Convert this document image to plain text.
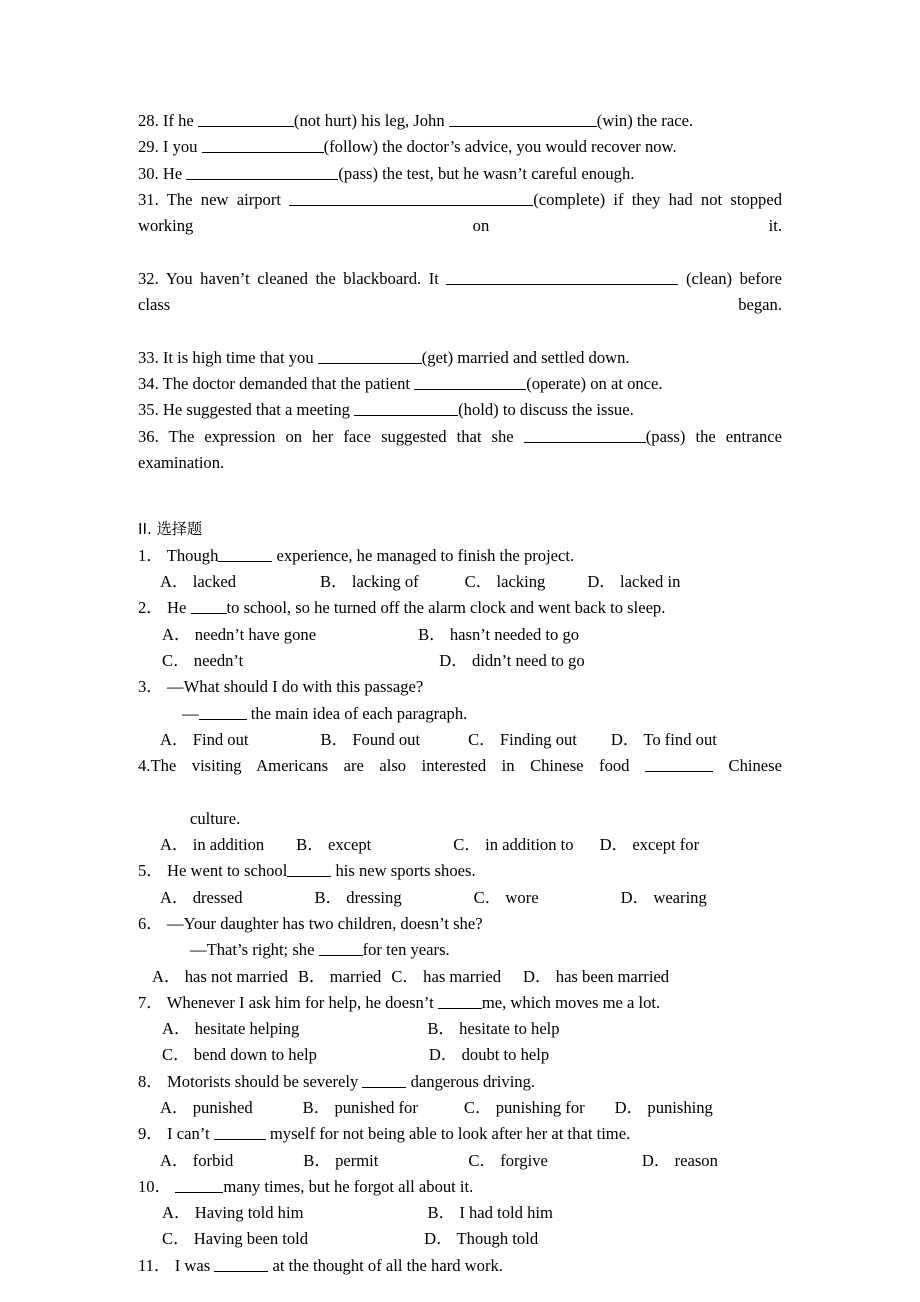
28. If he	(not hurt) his leg, John	(win) the race.

29. I you	(follow) the doctor’s advice, you would recover now.

30. He	(pass) the test, but he wasn’t careful enough.

31. The new airport	(complete) if they had not stopped working on it.

32. You haven’t cleaned the blackboard. It	(clean) before class began.

33. It is high time that you	(get) married and settled down.

34. The doctor demanded that the patient	(operate) on at once.

35. He suggested that a meeting	(hold) to discuss the issue.

36. The expression on her face suggested that she	(pass) the entrance examination.

II. 选择题

1． Though	experience, he managed to finish the project.

A． lacked	B． lacking of	C． lacking	D． lacked in

2． He to school, so he turned off the alarm clock and went back to sleep.

A． needn’t have gone	B． hasn’t needed to go

C． needn’t	D． didn’t need to go

3． —What should I do with this passage?

—	the main idea of each paragraph.

A． Find out	B． Found out	C． Finding out D． To find out

4.The visiting Americans are also interested in Chinese food	Chinese

culture.

A． in addition B． except	C． in addition to D． except for

5． He went to school	his new sports shoes.

A． dressed	B． dressing	C． wore	D． wearing

6． —Your daughter has two children, doesn’t she?

—That’s right; she	for ten years.

A． has not married B． married C． has married D． has been married

7． Whenever I ask him for help, he doesn’t	me, which moves me a lot.

A． hesitate helping	B． hesitate to help

C． bend down to help	D． doubt to help

8． Motorists should be severely	dangerous driving.

A． punished	B． punished for	C． punishing for D． punishing

9． I can’t	myself for not being able to look after her at that time.

A． forbid	B． permit	C． forgive	D． reason

10．	many times, but he forgot all about it.

A． Having told him	B． I had told him

C． Having been told	D． Though told

11． I was	at the thought of all the hard work.
